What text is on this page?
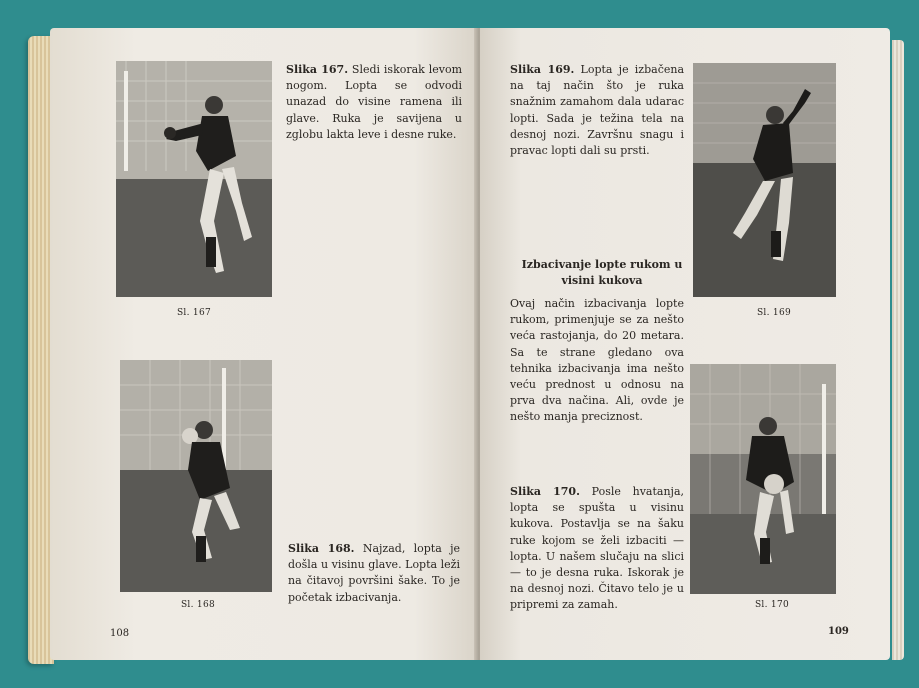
Sl. 167

Slika 167. Sledi iskorak levom nogom. Lopta se odvodi unazad do visine ramena ili glave. Ruka je savijena u zglobu lakta leve i desne ruke.

Sl. 168

Slika 168. Najzad, lopta je došla u visinu glave. Lopta leži na čitavoj površini šake. To je početak izbacivanja.

108

Slika 169. Lopta je izbačena na taj način što je ruka snažnim zamahom dala udarac lopti. Sada je težina tela na desnoj nozi. Završnu snagu i pravac lopti dali su prsti.

Sl. 169

Izbacivanje lopte rukom u visini kukova

Ovaj način izbacivanja lopte rukom, primenjuje se za nešto veća rastojanja, do 20 metara. Sa te strane gledano ova tehnika izbacivanja ima nešto veću prednost u odnosu na prva dva načina. Ali, ovde je nešto manja preciznost.

Sl. 170

Slika 170. Posle hvatanja, lopta se spušta u visinu kukova. Postavlja se na šaku ruke kojom se želi izbaciti — lopta. U našem slučaju na slici — to je desna ruka. Iskorak je na desnoj nozi. Čitavo telo je u pripremi za zamah.

109
